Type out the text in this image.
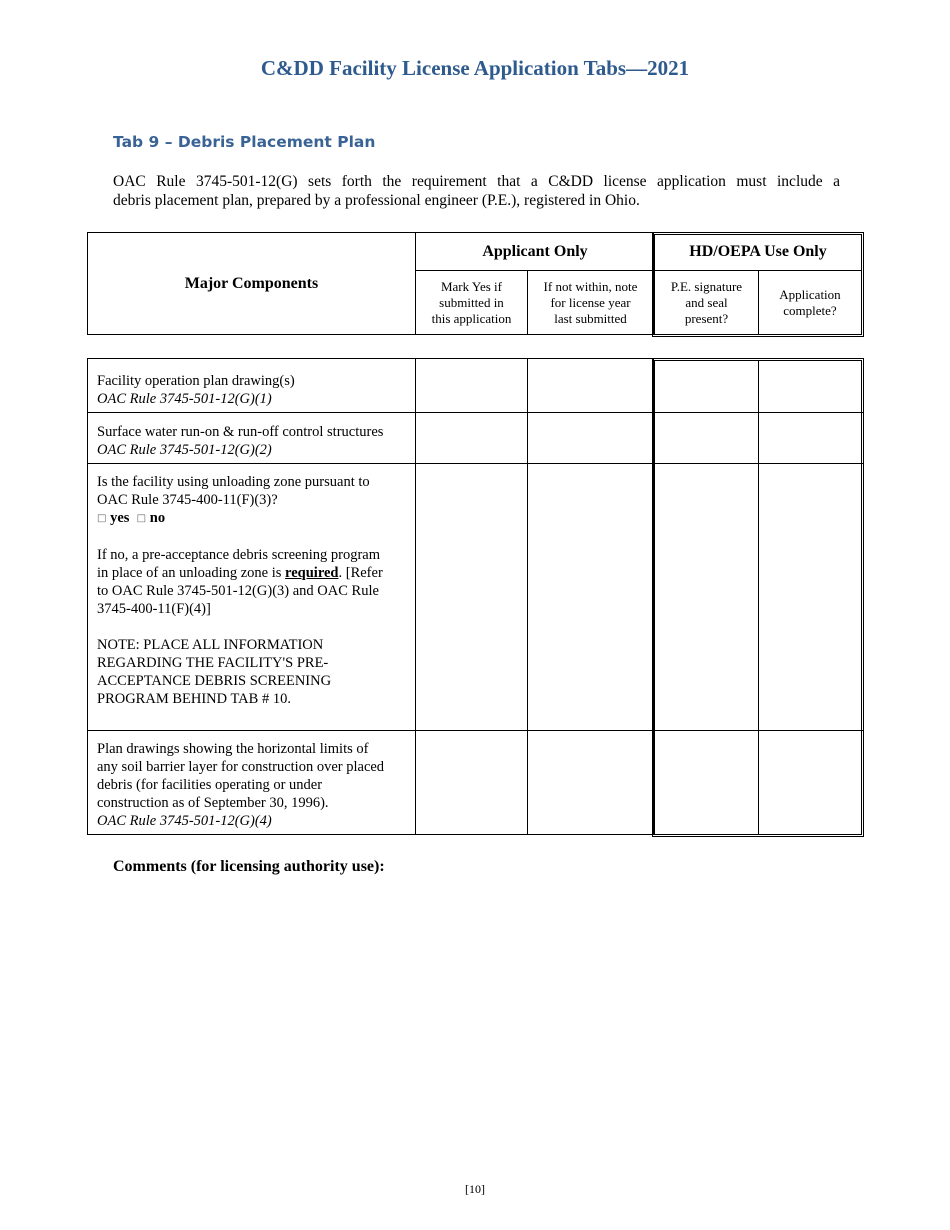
C&DD Facility License Application Tabs—2021
Tab 9 – Debris Placement Plan
OAC Rule 3745-501-12(G) sets forth the requirement that a C&DD license application must include a
debris placement plan, prepared by a professional engineer (P.E.), registered in Ohio.
Major Components
Applicant Only	HD/OEPA Use Only
Mark Yes if
submitted in
this application
If not within, note
for license year
last submitted
P.E. signature
and seal
present?
Application
complete?
Facility operation plan drawing(s)
OAC Rule 3745-501-12(G)(1)
Surface water run-on & run-off control structures
OAC Rule 3745-501-12(G)(2)
Is the facility using unloading zone pursuant to
OAC Rule 3745-400-11(F)(3)?
□ yes □ no
If no, a pre-acceptance debris screening program
in place of an unloading zone is required. [Refer
to OAC Rule 3745-501-12(G)(3) and OAC Rule
3745-400-11(F)(4)]
NOTE: PLACE ALL INFORMATION
REGARDING THE FACILITY'S PRE-
ACCEPTANCE DEBRIS SCREENING
PROGRAM BEHIND TAB # 10.
Plan drawings showing the horizontal limits of
any soil barrier layer for construction over placed
debris (for facilities operating or under
construction as of September 30, 1996).
OAC Rule 3745-501-12(G)(4)
Comments (for licensing authority use):
[10]
